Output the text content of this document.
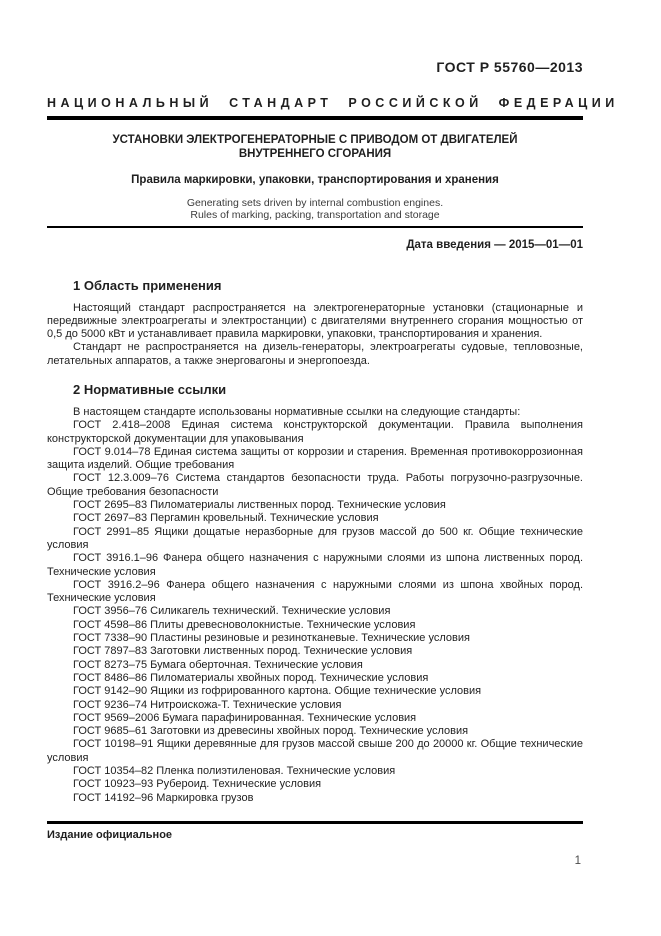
ГОСТ Р 55760—2013
НАЦИОНАЛЬНЫЙ СТАНДАРТ РОССИЙСКОЙ ФЕДЕРАЦИИ
УСТАНОВКИ ЭЛЕКТРОГЕНЕРАТОРНЫЕ С ПРИВОДОМ ОТ ДВИГАТЕЛЕЙ
ВНУТРЕННЕГО СГОРАНИЯ
Правила маркировки, упаковки, транспортирования и хранения
Generating sets driven by internal combustion engines.
Rules of marking, packing, transportation and storage
Дата введения — 2015—01—01
1 Область применения

Настоящий стандарт распространяется на электрогенераторные установки (стационарные и передвижные электроагрегаты и электростанции) с двигателями внутреннего сгорания мощностью от 0,5 до 5000 кВт и устанавливает правила маркировки, упаковки, транспортирования и хранения.

Стандарт не распространяется на дизель-генераторы, электроагрегаты судовые, тепловозные, летательных аппаратов, а также энерговагоны и энергопоезда.

2 Нормативные ссылки

В настоящем стандарте использованы нормативные ссылки на следующие стандарты:

ГОСТ 2.418–2008 Единая система конструкторской документации. Правила выполнения конструкторской документации для упаковывания

ГОСТ 9.014–78 Единая система защиты от коррозии и старения. Временная противокоррозионная защита изделий. Общие требования

ГОСТ 12.3.009–76 Система стандартов безопасности труда. Работы погрузочно-разгрузочные. Общие требования безопасности

ГОСТ 2695–83 Пиломатериалы лиственных пород. Технические условия

ГОСТ 2697–83 Пергамин кровельный. Технические условия

ГОСТ 2991–85 Ящики дощатые неразборные для грузов массой до 500 кг. Общие технические условия

ГОСТ 3916.1–96 Фанера общего назначения с наружными слоями из шпона лиственных пород. Технические условия

ГОСТ 3916.2–96 Фанера общего назначения с наружными слоями из шпона хвойных пород. Технические условия

ГОСТ 3956–76 Силикагель технический. Технические условия

ГОСТ 4598–86 Плиты древесноволокнистые. Технические условия

ГОСТ 7338–90 Пластины резиновые и резинотканевые. Технические условия

ГОСТ 7897–83 Заготовки лиственных пород. Технические условия

ГОСТ 8273–75 Бумага оберточная. Технические условия

ГОСТ 8486–86 Пиломатериалы хвойных пород. Технические условия

ГОСТ 9142–90 Ящики из гофрированного картона. Общие технические условия

ГОСТ 9236–74 Нитроискожа-Т. Технические условия

ГОСТ 9569–2006 Бумага парафинированная. Технические условия

ГОСТ 9685–61 Заготовки из древесины хвойных пород. Технические условия

ГОСТ 10198–91 Ящики деревянные для грузов массой свыше 200 до 20000 кг. Общие технические условия

ГОСТ 10354–82 Пленка полиэтиленовая. Технические условия

ГОСТ 10923–93 Рубероид. Технические условия

ГОСТ 14192–96 Маркировка грузов

Издание официальное
1
